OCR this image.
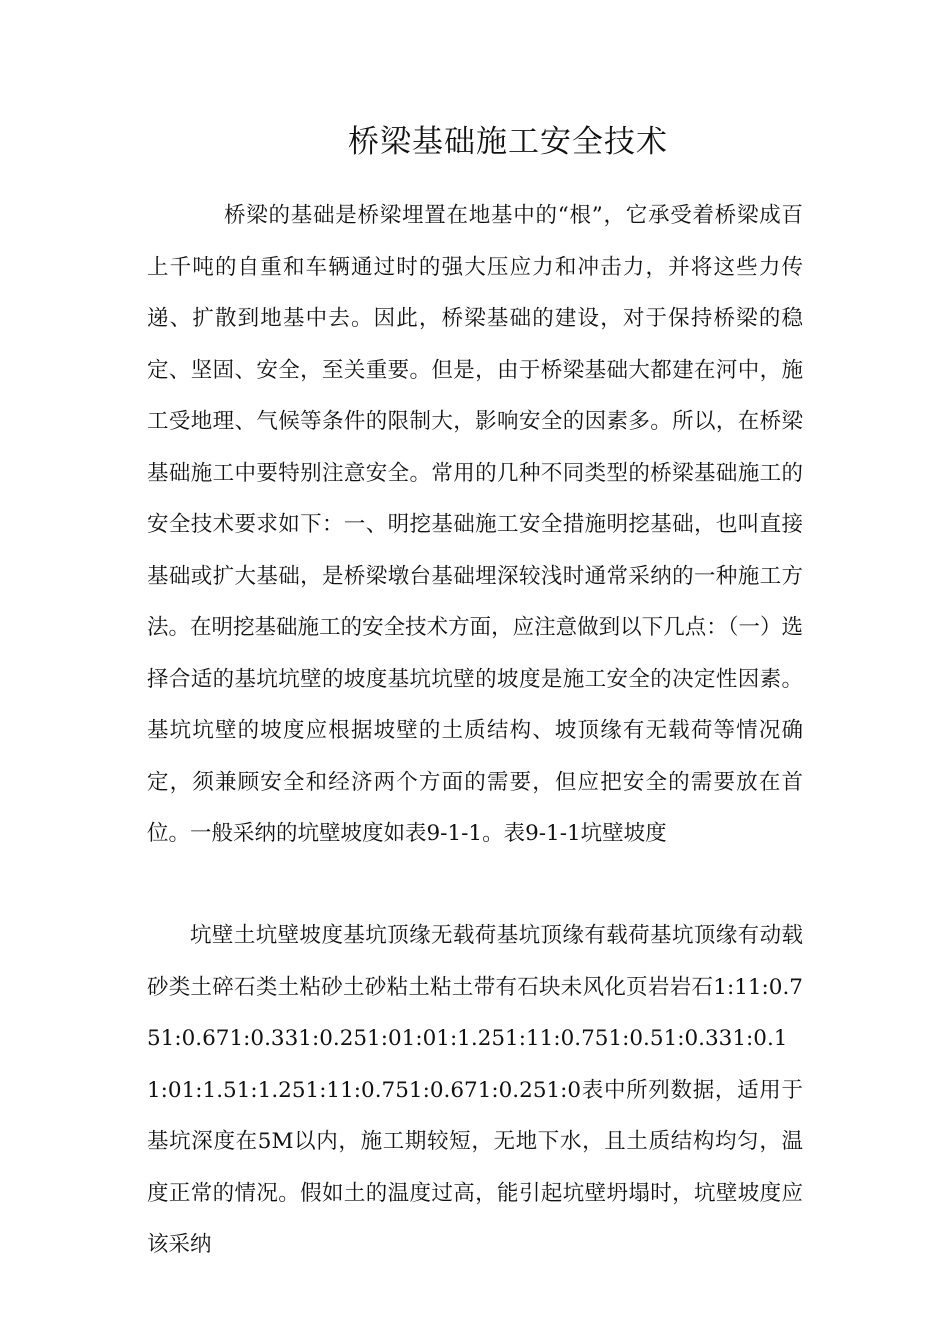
桥梁基础施工安全技术

桥梁的基础是桥梁埋置在地基中的“根”，它承受着桥梁成百上千吨的自重和车辆通过时的强大压应力和冲击力，并将这些力传递、扩散到地基中去。因此，桥梁基础的建设，对于保持桥梁的稳定、坚固、安全，至关重要。但是，由于桥梁基础大都建在河中，施工受地理、气候等条件的限制大，影响安全的因素多。所以，在桥梁基础施工中要特别注意安全。常用的几种不同类型的桥梁基础施工的安全技术要求如下：一、明挖基础施工安全措施明挖基础，也叫直接基础或扩大基础，是桥梁墩台基础埋深较浅时通常采纳的一种施工方法。在明挖基础施工的安全技术方面，应注意做到以下几点：（一）选择合适的基坑坑壁的坡度基坑坑壁的坡度是施工安全的决定性因素。基坑坑壁的坡度应根据坡壁的土质结构、坡顶缘有无载荷等情况确定，须兼顾安全和经济两个方面的需要，但应把安全的需要放在首位。一般采纳的坑壁坡度如表9-1-1。表9-1-1坑壁坡度

坑壁土坑壁坡度基坑顶缘无载荷基坑顶缘有载荷基坑顶缘有动载砂类土碎石类土粘砂土砂粘土粘土带有石块未风化页岩岩石1:11:0.751:0.671:0.331:0.251:01:01:1.251:11:0.751:0.51:0.331:0.11:01:1.51:1.251:11:0.751:0.671:0.251:0表中所列数据，适用于基坑深度在5M以内，施工期较短，无地下水，且土质结构均匀，温度正常的情况。假如土的温度过高，能引起坑壁坍塌时，坑壁坡度应该采纳
